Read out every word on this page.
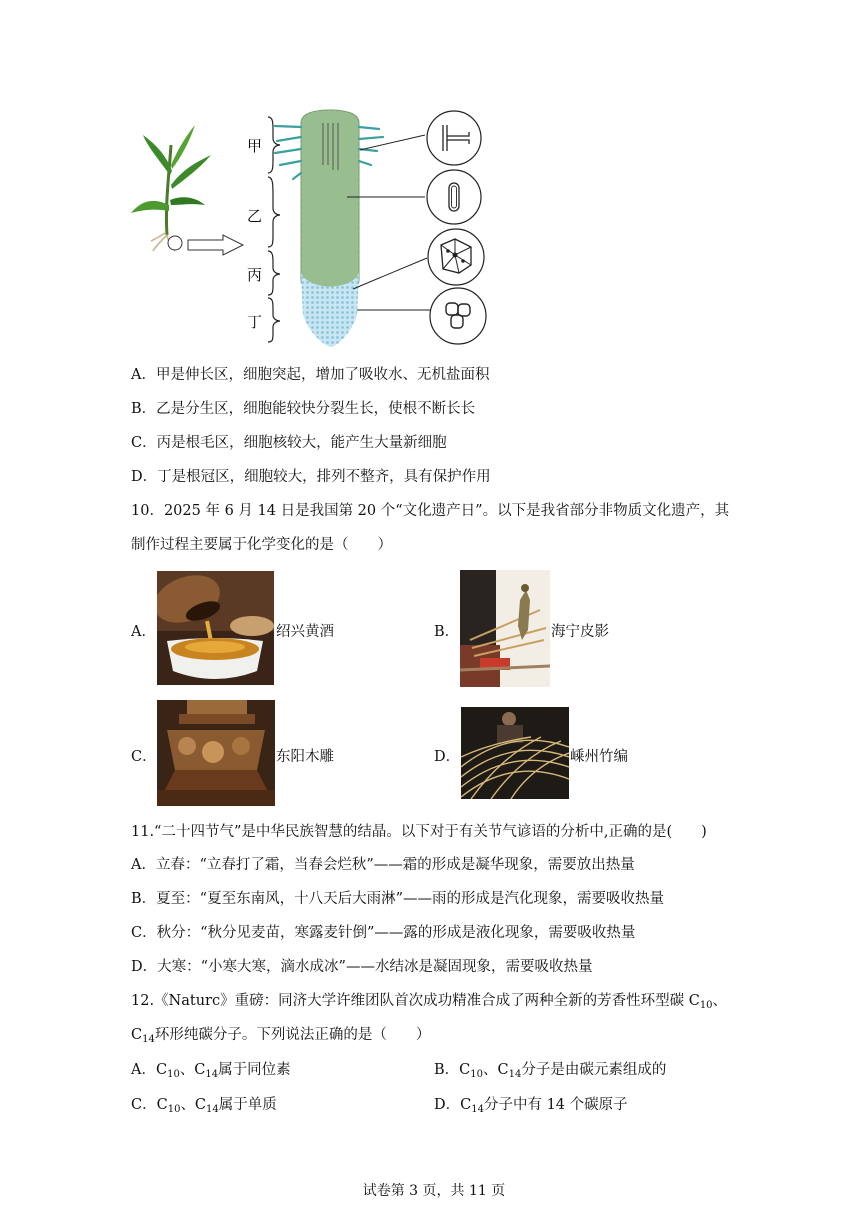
甲
乙
丙
丁
A．甲是伸长区，细胞突起，增加了吸收水、无机盐面积
B．乙是分生区，细胞能较快分裂生长，使根不断长长
C．丙是根毛区，细胞核较大，能产生大量新细胞
D．丁是根冠区，细胞较大，排列不整齐，具有保护作用
10．2025 年 6 月 14 日是我国第 20 个“文化遗产日”。以下是我省部分非物质文化遗产，其
制作过程主要属于化学变化的是（　　）
A．	绍兴黄酒	B．	海宁皮影
C．	东阳木雕	D．	嵊州竹编
11.“二十四节气”是中华民族智慧的结晶。以下对于有关节气谚语的分析中,正确的是(　　)
A．立春：“立春打了霜，当春会烂秋”——霜的形成是凝华现象，需要放出热量
B．夏至：“夏至东南风，十八天后大雨淋”——雨的形成是汽化现象，需要吸收热量
C．秋分：“秋分见麦苗，寒露麦针倒”——露的形成是液化现象，需要吸收热量
D．大寒：“小寒大寒，滴水成冰”——水结冰是凝固现象，需要吸收热量
12.《Naturc》重磅：同济大学许维团队首次成功精准合成了两种全新的芳香性环型碳 $C_{10}$、
$C_{14}$环形纯碳分子。下列说法正确的是（　　）
A．$C_{10}$、$C_{14}$属于同位素	B．$C_{10}$、$C_{14}$分子是由碳元素组成的
C．$C_{10}$、$C_{14}$属于单质	D．$C_{14}$分子中有 14 个碳原子
试卷第 3 页，共 11 页
